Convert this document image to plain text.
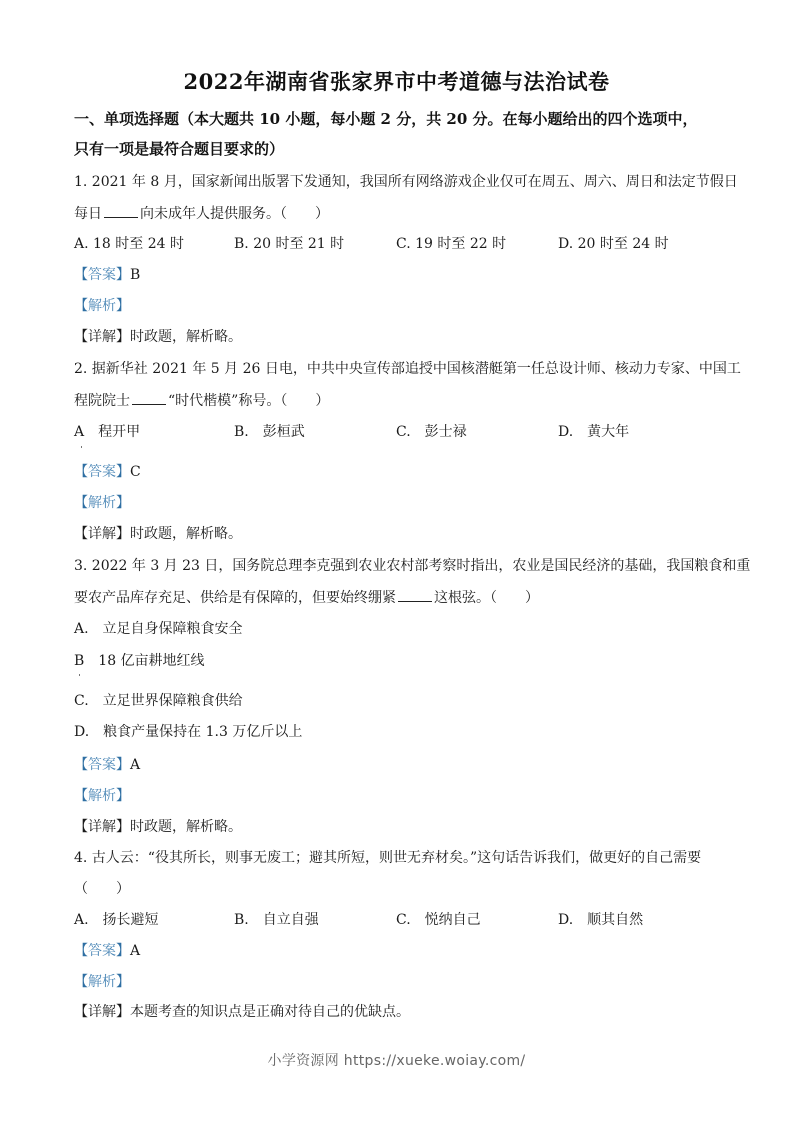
2022年湖南省张家界市中考道德与法治试卷
一、单项选择题（本大题共 10 小题，每小题 2 分，共 20 分。在每小题给出的四个选项中，
只有一项是最符合题目要求的）
1. 2021 年 8 月，国家新闻出版署下发通知，我国所有网络游戏企业仅可在周五、周六、周日和法定节假日
每日	向未成年人提供服务。（　　）
A. 18 时至 24 时	B. 20 时至 21 时	C. 19 时至 22 时	D. 20 时至 24 时
【答案】B
【解析】
【详解】时政题，解析略。
2. 据新华社 2021 年 5 月 26 日电，中共中央宣传部追授中国核潜艇第一任总设计师、核动力专家、中国工
程院院士	“时代楷模”称号。（　　）
A　程开甲	B.　彭桓武	C.　彭士禄	D.　黄大年
【答案】C
【解析】
【详解】时政题，解析略。
3. 2022 年 3 月 23 日，国务院总理李克强到农业农村部考察时指出，农业是国民经济的基础，我国粮食和重
要农产品库存充足、供给是有保障的，但要始终绷紧	这根弦。（　　）
A.　立足自身保障粮食安全
B　18 亿亩耕地红线
C.　立足世界保障粮食供给
D.　粮食产量保持在 1.3 万亿斤以上
【答案】A
【解析】
【详解】时政题，解析略。
4. 古人云：“役其所长，则事无废工；避其所短，则世无弃材矣。”这句话告诉我们，做更好的自己需要
（　　）
A.　扬长避短	B.　自立自强	C.　悦纳自己	D.　顺其自然
【答案】A
【解析】
【详解】本题考查的知识点是正确对待自己的优缺点。
小学资源网 https://xueke.woiay.com/
